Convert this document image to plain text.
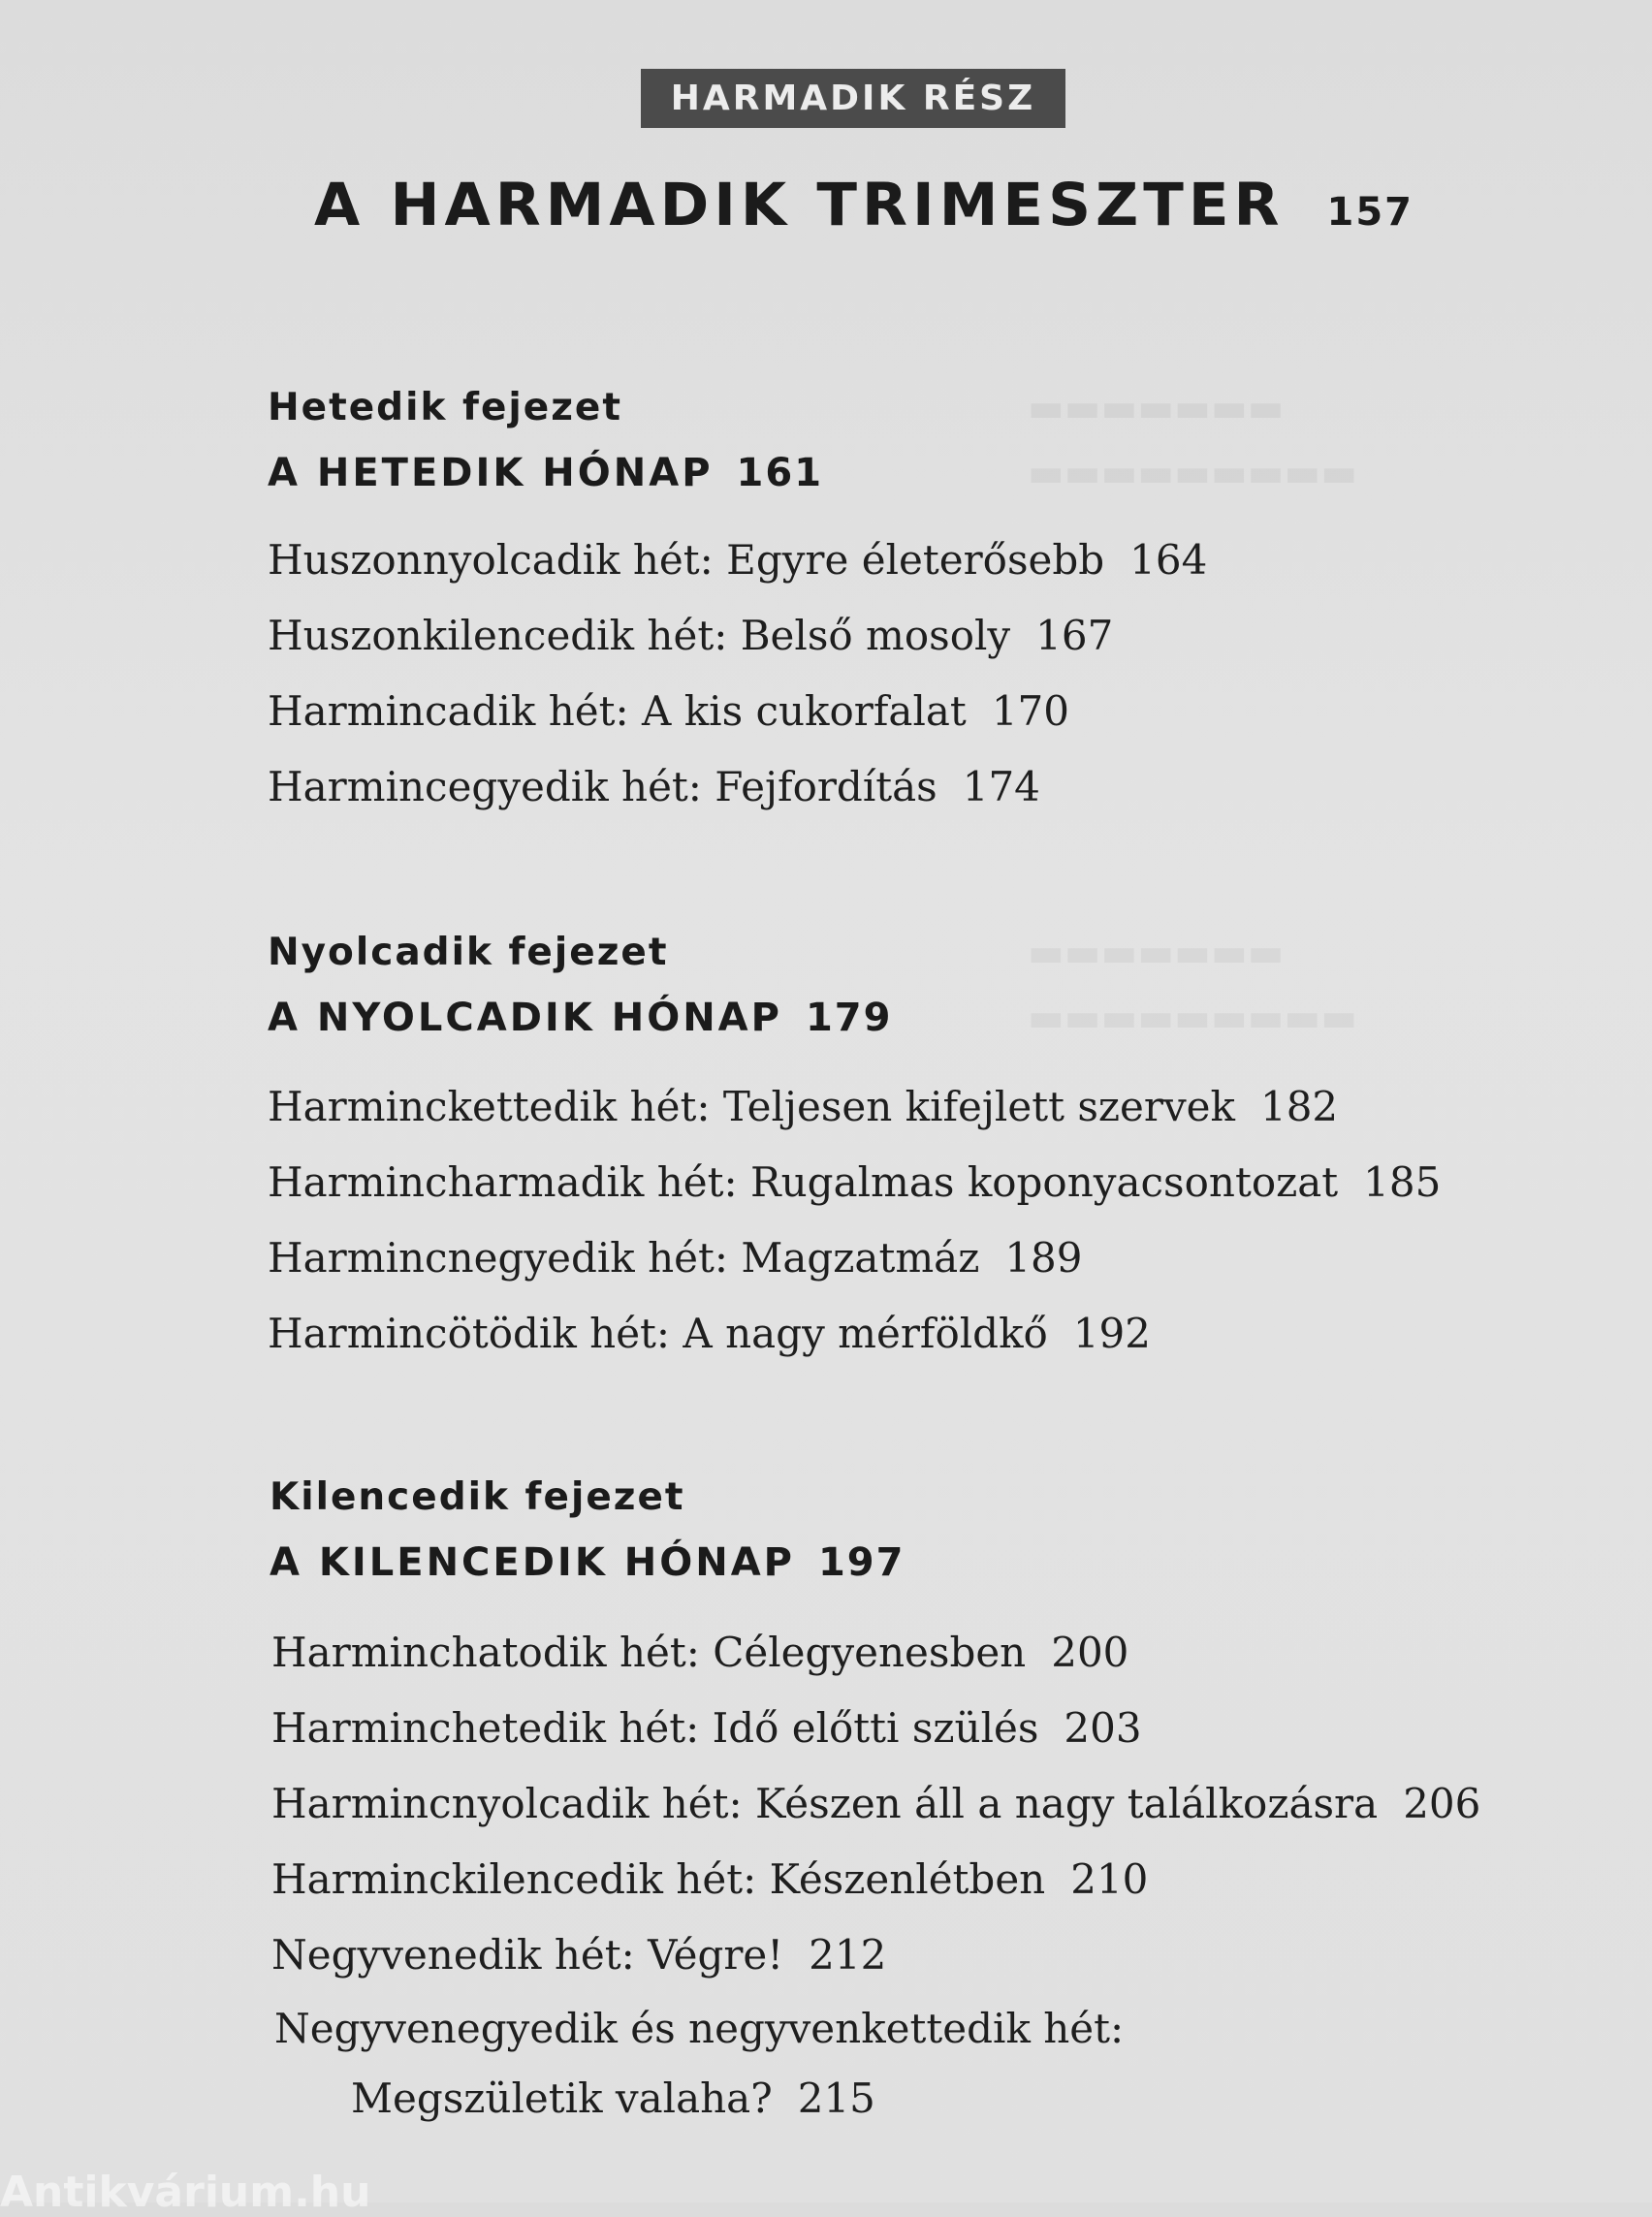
HARMADIK RÉSZ
A HARMADIK TRIMESZTER 157
Hetedik fejezet
A HETEDIK HÓNAP 161
Huszonnyolcadik hét: Egyre életerősebb 164
Huszonkilencedik hét: Belső mosoly 167
Harmincadik hét: A kis cukorfalat 170
Harmincegyedik hét: Fejfordítás 174
Nyolcadik fejezet
A NYOLCADIK HÓNAP 179
Harminckettedik hét: Teljesen kifejlett szervek 182
Harmincharmadik hét: Rugalmas koponyacsontozat 185
Harmincnegyedik hét: Magzatmáz 189
Harmincötödik hét: A nagy mérföldkő 192
Kilencedik fejezet
A KILENCEDIK HÓNAP 197
Harminchatodik hét: Célegyenesben 200
Harminchetedik hét: Idő előtti szülés 203
Harmincnyolcadik hét: Készen áll a nagy találkozásra 206
Harminckilencedik hét: Készenlétben 210
Negyvenedik hét: Végre! 212
Negyvenegyedik és negyvenkettedik hét:
Megszületik valaha? 215
▬▬▬▬▬▬▬
▬▬▬▬▬▬▬▬▬
▬▬▬▬▬▬▬
▬▬▬▬▬▬▬▬▬
Antikvárium.hu
